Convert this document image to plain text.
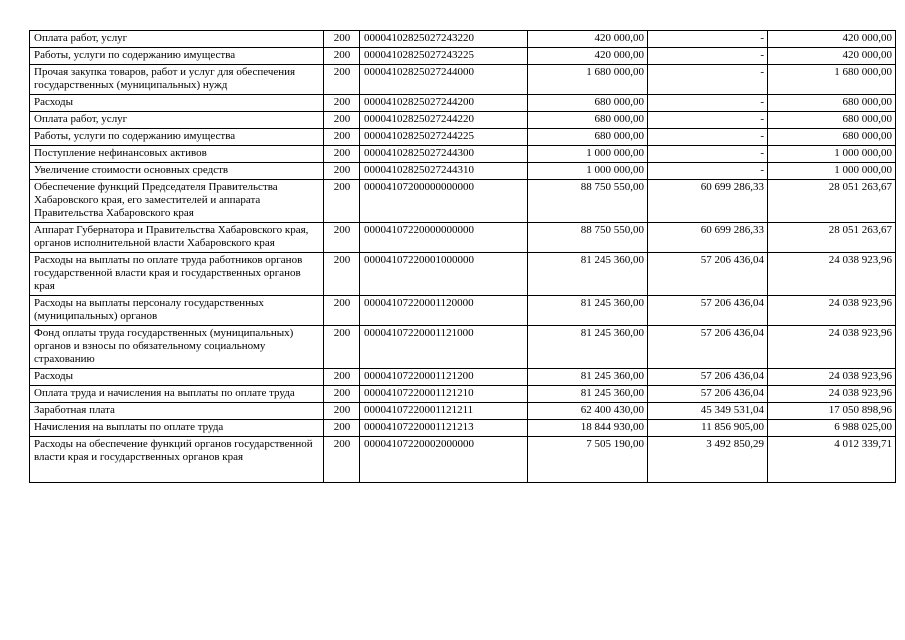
Оплата работ, услуг	200	00004102825027243220	420 000,00	-	420 000,00
Работы, услуги по содержанию имущества	200	00004102825027243225	420 000,00	-	420 000,00
Прочая закупка товаров, работ и услуг для обеспечения государственных (муниципальных) нужд	200	00004102825027244000	1 680 000,00	-	1 680 000,00
Расходы	200	00004102825027244200	680 000,00	-	680 000,00
Оплата работ, услуг	200	00004102825027244220	680 000,00	-	680 000,00
Работы, услуги по содержанию имущества	200	00004102825027244225	680 000,00	-	680 000,00
Поступление нефинансовых активов	200	00004102825027244300	1 000 000,00	-	1 000 000,00
Увеличение стоимости основных средств	200	00004102825027244310	1 000 000,00	-	1 000 000,00
Обеспечение функций Председателя Правительства Хабаровского края, его заместителей и аппарата Правительства Хабаровского края	200	00004107200000000000	88 750 550,00	60 699 286,33	28 051 263,67
Аппарат Губернатора и Правительства Хабаровского края, органов исполнительной власти Хабаровского края	200	00004107220000000000	88 750 550,00	60 699 286,33	28 051 263,67
Расходы на выплаты по оплате труда работников органов государственной власти края и государственных органов края	200	00004107220001000000	81 245 360,00	57 206 436,04	24 038 923,96
Расходы на выплаты персоналу государственных (муниципальных) органов	200	00004107220001120000	81 245 360,00	57 206 436,04	24 038 923,96
Фонд оплаты труда государственных (муниципальных) органов и взносы по обязательному социальному страхованию	200	00004107220001121000	81 245 360,00	57 206 436,04	24 038 923,96
Расходы	200	00004107220001121200	81 245 360,00	57 206 436,04	24 038 923,96
Оплата труда и начисления на выплаты по оплате труда	200	00004107220001121210	81 245 360,00	57 206 436,04	24 038 923,96
Заработная плата	200	00004107220001121211	62 400 430,00	45 349 531,04	17 050 898,96
Начисления на выплаты по оплате труда	200	00004107220001121213	18 844 930,00	11 856 905,00	6 988 025,00
Расходы на обеспечение функций органов государственной власти края и государственных органов края	200	00004107220002000000	7 505 190,00	3 492 850,29	4 012 339,71
